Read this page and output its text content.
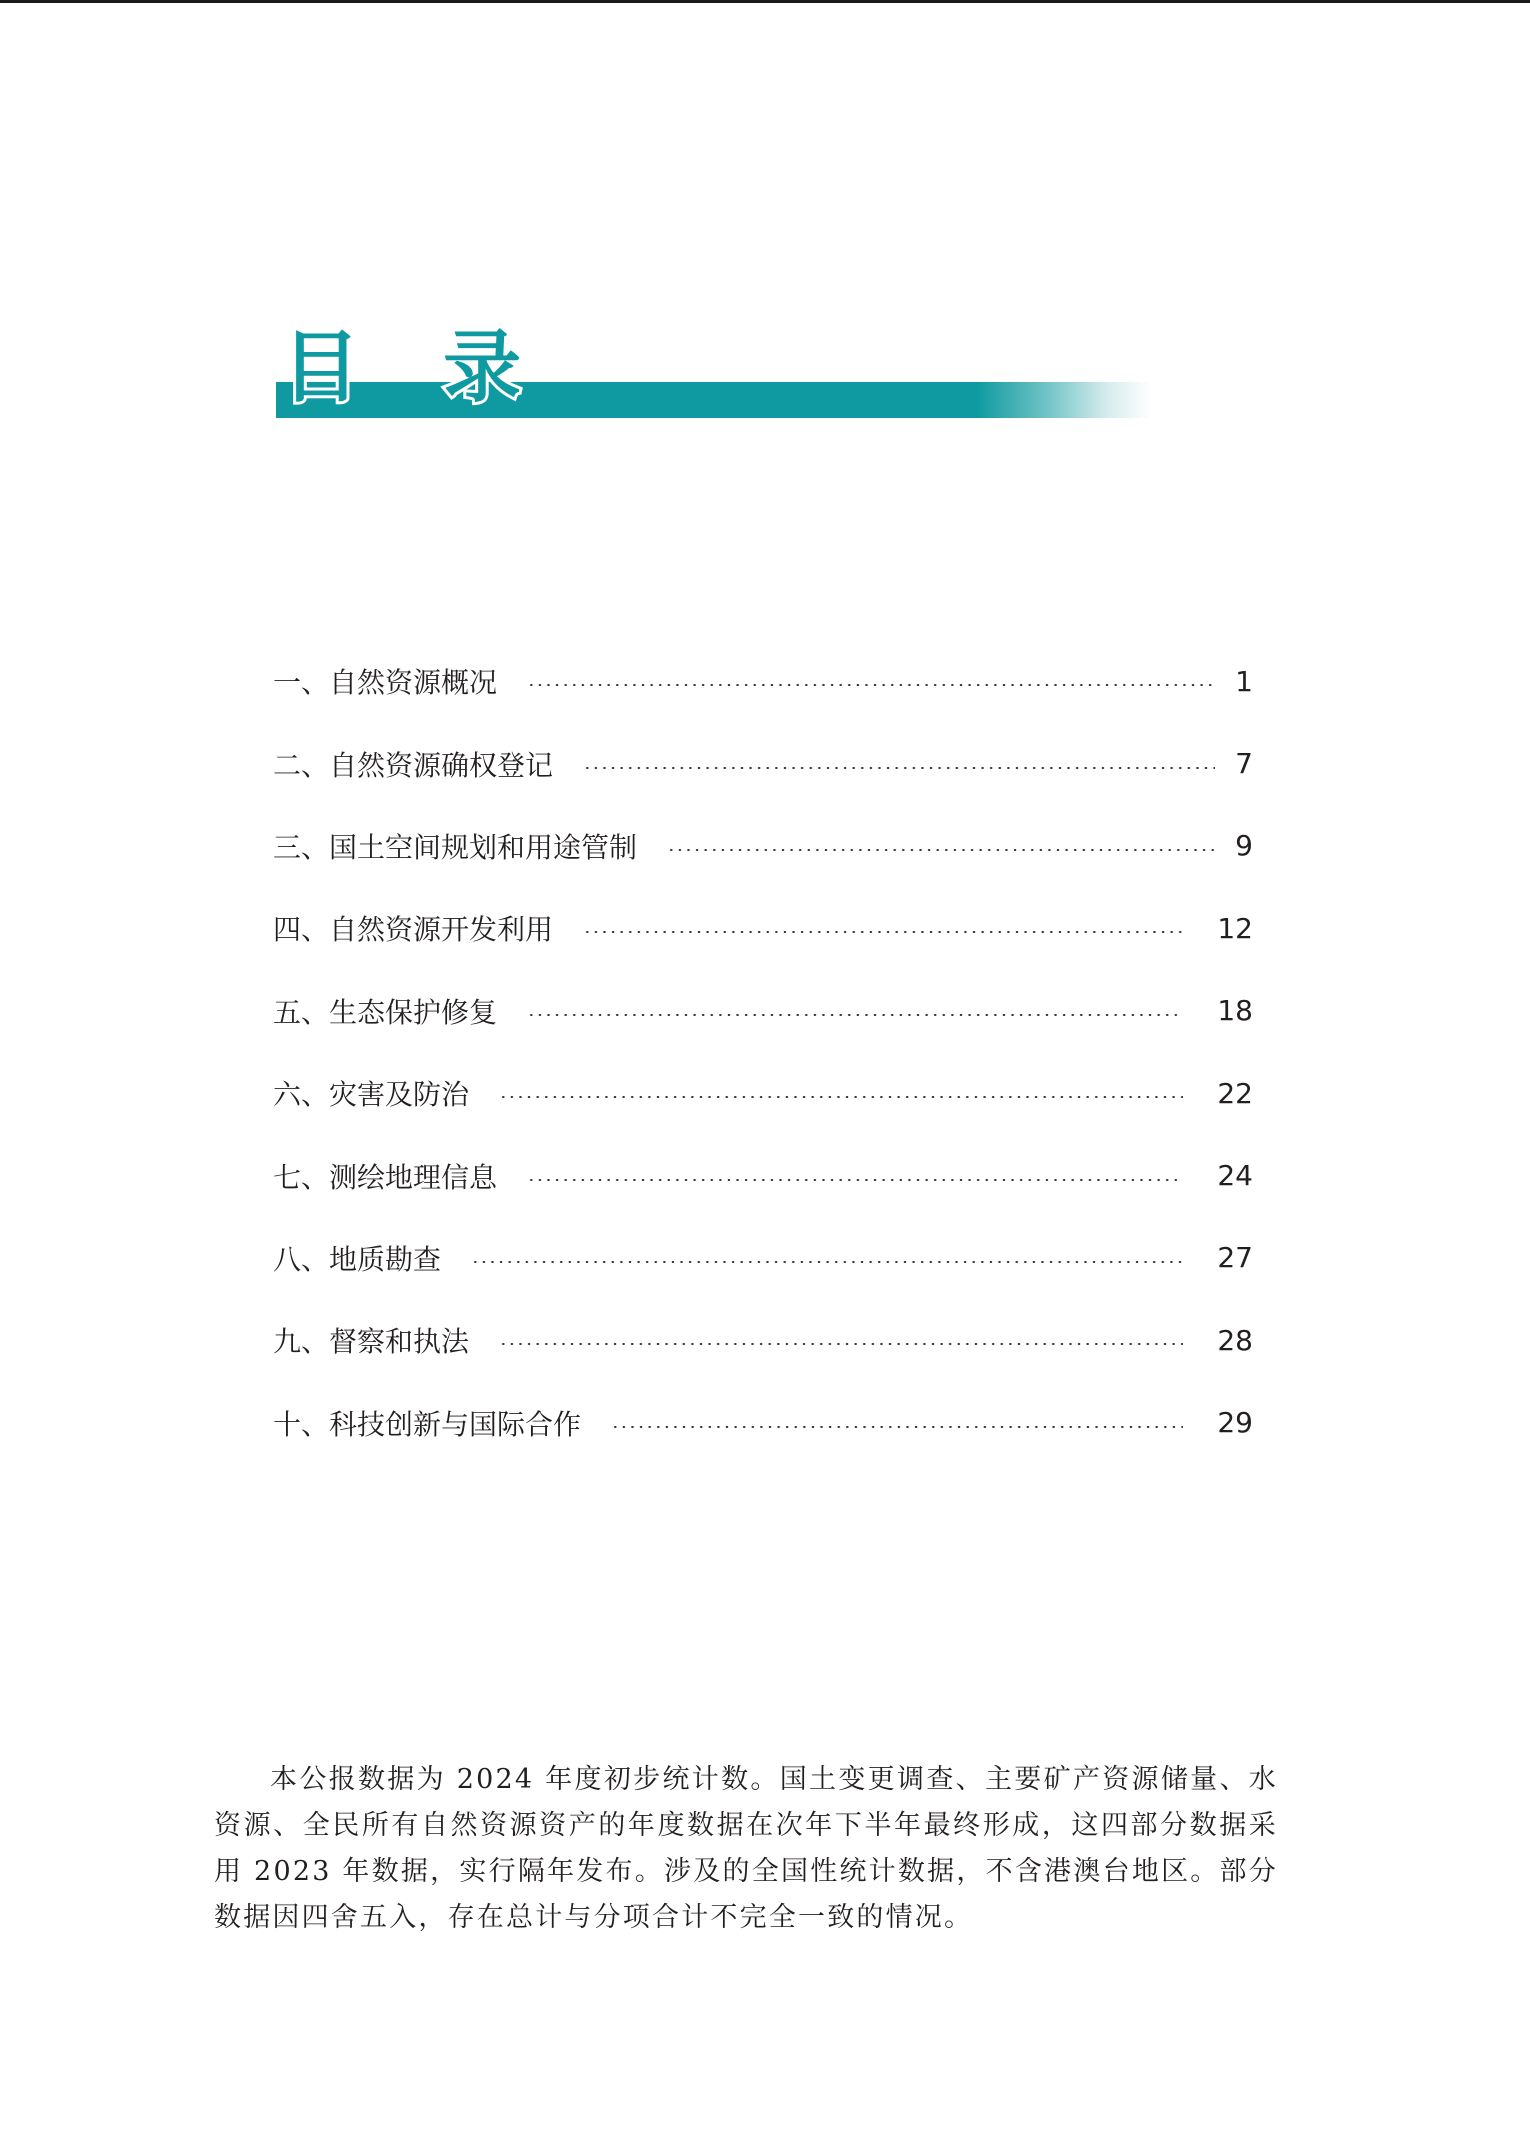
目 录
一、自然资源概况	1
二、自然资源确权登记	7
三、国土空间规划和用途管制	9
四、自然资源开发利用	12
五、生态保护修复	18
六、灾害及防治	22
七、测绘地理信息	24
八、地质勘查	27
九、督察和执法	28
十、科技创新与国际合作	29

本公报数据为 2024 年度初步统计数。国土变更调查、主要矿产资源储量、水资源、全民所有自然资源资产的年度数据在次年下半年最终形成，这四部分数据采用 2023 年数据，实行隔年发布。涉及的全国性统计数据，不含港澳台地区。部分数据因四舍五入，存在总计与分项合计不完全一致的情况。
